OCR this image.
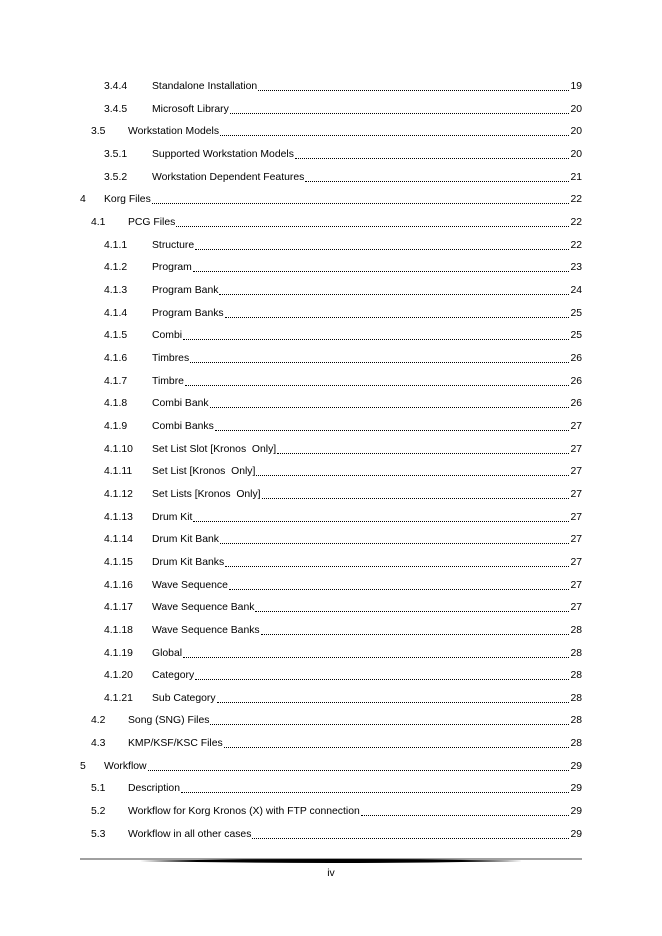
3.4.4	Standalone Installation	19
3.4.5	Microsoft Library	20
3.5	Workstation Models	20
3.5.1	Supported Workstation Models	20
3.5.2	Workstation Dependent Features	21
4	Korg Files	22
4.1	PCG Files	22
4.1.1	Structure	22
4.1.2	Program	23
4.1.3	Program Bank	24
4.1.4	Program Banks	25
4.1.5	Combi	25
4.1.6	Timbres	26
4.1.7	Timbre	26
4.1.8	Combi Bank	26
4.1.9	Combi Banks	27
4.1.10	Set List Slot [Kronos  Only]	27
4.1.11	Set List [Kronos  Only]	27
4.1.12	Set Lists [Kronos  Only]	27
4.1.13	Drum Kit	27
4.1.14	Drum Kit Bank	27
4.1.15	Drum Kit Banks	27
4.1.16	Wave Sequence	27
4.1.17	Wave Sequence Bank	27
4.1.18	Wave Sequence Banks	28
4.1.19	Global	28
4.1.20	Category	28
4.1.21	Sub Category	28
4.2	Song (SNG) Files	28
4.3	KMP/KSF/KSC Files	28
5	Workflow	29
5.1	Description	29
5.2	Workflow for Korg Kronos (X) with FTP connection	29
5.3	Workflow in all other cases	29
iv
